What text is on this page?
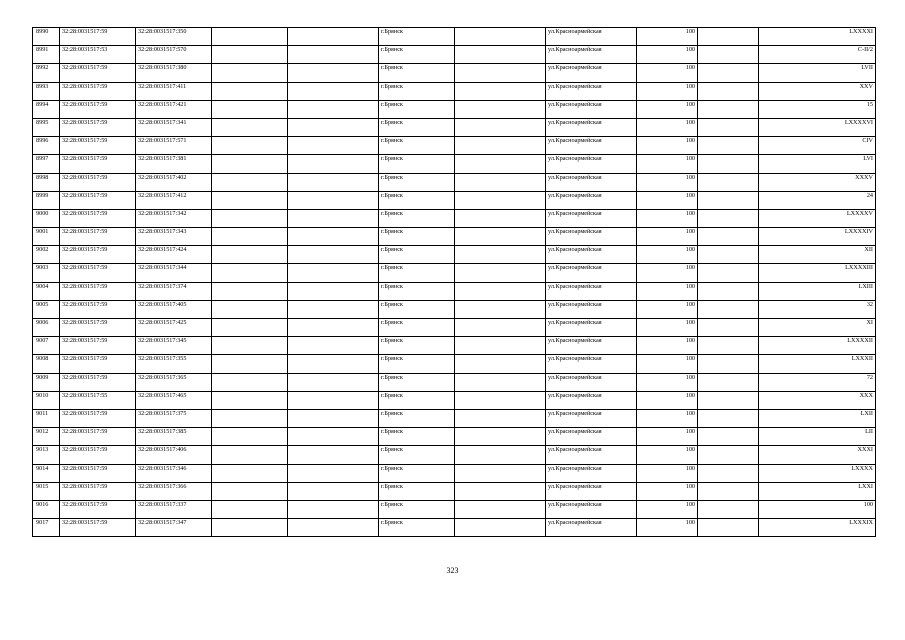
8990	32:28:0031517:59	32:28:0031517:350			г.Брянск		ул.Красноармейская	100		LXXXXI
8991	32:28:0031517:53	32:28:0031517:570			г.Брянск		ул.Красноармейская	100		C-II/2
8992	32:28:0031517:59	32:28:0031517:380			г.Брянск		ул.Красноармейская	100		LVII
8993	32:28:0031517:59	32:28:0031517:411			г.Брянск		ул.Красноармейская	100		XXV
8994	32:28:0031517:59	32:28:0031517:421			г.Брянск		ул.Красноармейская	100		15
8995	32:28:0031517:59	32:28:0031517:341			г.Брянск		ул.Красноармейская	100		LXXXXVI
8996	32:28:0031517:59	32:28:0031517:571			г.Брянск		ул.Красноармейская	100		CIV
8997	32:28:0031517:59	32:28:0031517:381			г.Брянск		ул.Красноармейская	100		LVI
8998	32:28:0031517:59	32:28:0031517:402			г.Брянск		ул.Красноармейская	100		XXXV
8999	32:28:0031517:59	32:28:0031517:412			г.Брянск		ул.Красноармейская	100		24
9000	32:28:0031517:59	32:28:0031517:342			г.Брянск		ул.Красноармейская	100		LXXXXV
9001	32:28:0031517:59	32:28:0031517:343			г.Брянск		ул.Красноармейская	100		LXXXXIV
9002	32:28:0031517:59	32:28:0031517:424			г.Брянск		ул.Красноармейская	100		XII
9003	32:28:0031517:59	32:28:0031517:344			г.Брянск		ул.Красноармейская	100		LXXXXIII
9004	32:28:0031517:59	32:28:0031517:374			г.Брянск		ул.Красноармейская	100		LXIII
9005	32:28:0031517:59	32:28:0031517:405			г.Брянск		ул.Красноармейская	100		32
9006	32:28:0031517:59	32:28:0031517:425			г.Брянск		ул.Красноармейская	100		XI
9007	32:28:0031517:59	32:28:0031517:345			г.Брянск		ул.Красноармейская	100		LXXXXII
9008	32:28:0031517:59	32:28:0031517:355			г.Брянск		ул.Красноармейская	100		LXXXII
9009	32:28:0031517:59	32:28:0031517:365			г.Брянск		ул.Красноармейская	100		72
9010	32:28:0031517:55	32:28:0031517:465			г.Брянск		ул.Красноармейская	100		XXX
9011	32:28:0031517:59	32:28:0031517:375			г.Брянск		ул.Красноармейская	100		LXII
9012	32:28:0031517:59	32:28:0031517:385			г.Брянск		ул.Красноармейская	100		LII
9013	32:28:0031517:59	32:28:0031517:406			г.Брянск		ул.Красноармейская	100		XXXI
9014	32:28:0031517:59	32:28:0031517:346			г.Брянск		ул.Красноармейская	100		LXXXX
9015	32:28:0031517:59	32:28:0031517:366			г.Брянск		ул.Красноармейская	100		LXXI
9016	32:28:0031517:59	32:28:0031517:337			г.Брянск		ул.Красноармейская	100		100
9017	32:28:0031517:59	32:28:0031517:347			г.Брянск		ул.Красноармейская	100		LXXXIX
323
